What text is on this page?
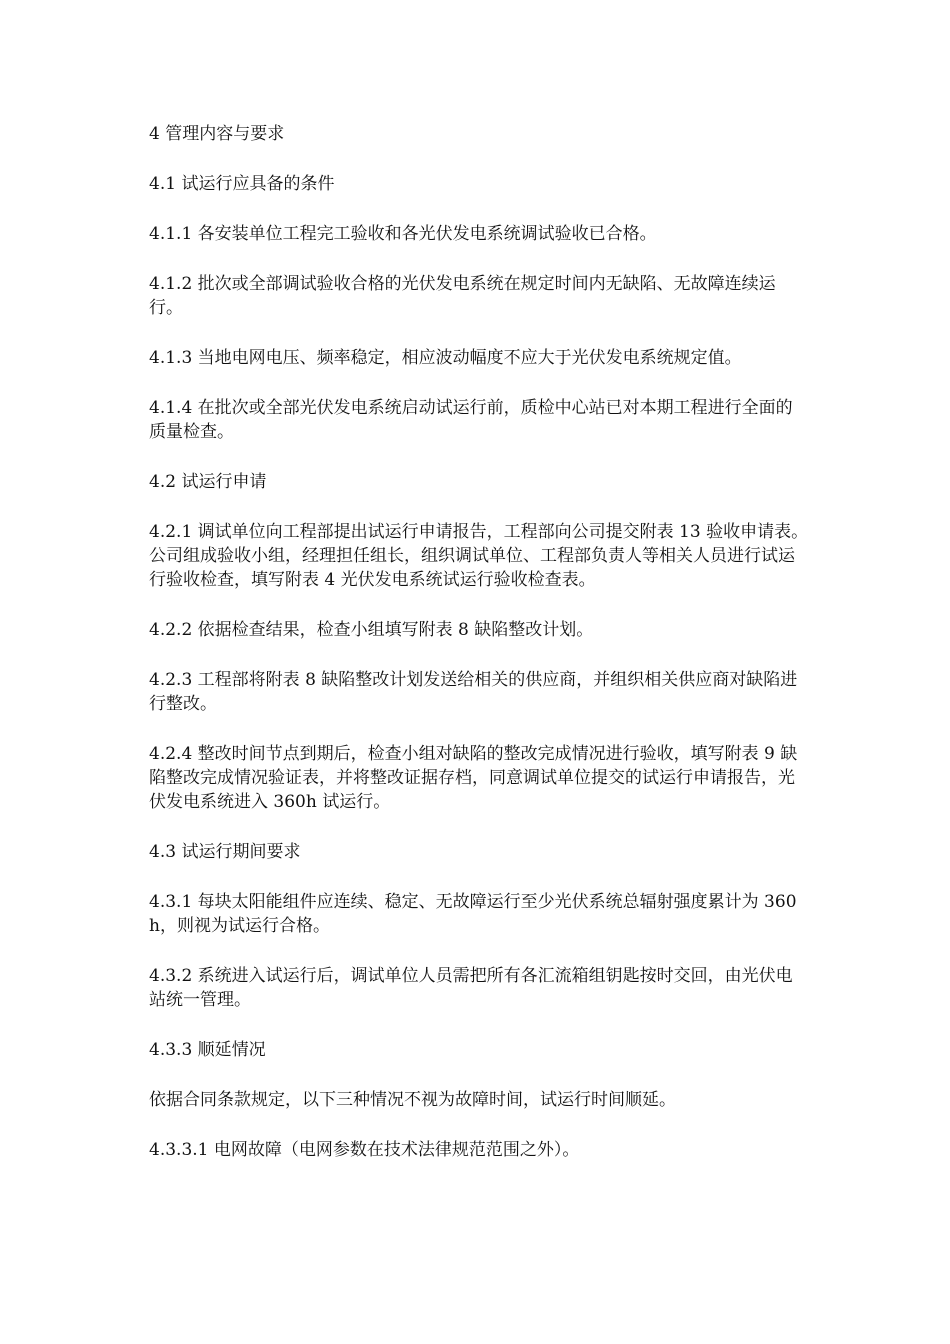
4 管理内容与要求

4.1 试运行应具备的条件

4.1.1 各安装单位工程完工验收和各光伏发电系统调试验收已合格。

4.1.2 批次或全部调试验收合格的光伏发电系统在规定时间内无缺陷、无故障连续运行。

4.1.3 当地电网电压、频率稳定，相应波动幅度不应大于光伏发电系统规定值。

4.1.4 在批次或全部光伏发电系统启动试运行前，质检中心站已对本期工程进行全面的质量检查。

4.2 试运行申请

4.2.1 调试单位向工程部提出试运行申请报告，工程部向公司提交附表 13 验收申请表。公司组成验收小组，经理担任组长，组织调试单位、工程部负责人等相关人员进行试运行验收检查，填写附表 4 光伏发电系统试运行验收检查表。

4.2.2 依据检查结果，检查小组填写附表 8 缺陷整改计划。

4.2.3 工程部将附表 8 缺陷整改计划发送给相关的供应商，并组织相关供应商对缺陷进行整改。

4.2.4 整改时间节点到期后，检查小组对缺陷的整改完成情况进行验收，填写附表 9 缺陷整改完成情况验证表，并将整改证据存档，同意调试单位提交的试运行申请报告，光伏发电系统进入 360h 试运行。

4.3 试运行期间要求

4.3.1 每块太阳能组件应连续、稳定、无故障运行至少光伏系统总辐射强度累计为 360h，则视为试运行合格。

4.3.2 系统进入试运行后，调试单位人员需把所有各汇流箱组钥匙按时交回，由光伏电站统一管理。

4.3.3 顺延情况

依据合同条款规定，以下三种情况不视为故障时间，试运行时间顺延。

4.3.3.1 电网故障（电网参数在技术法律规范范围之外）。
